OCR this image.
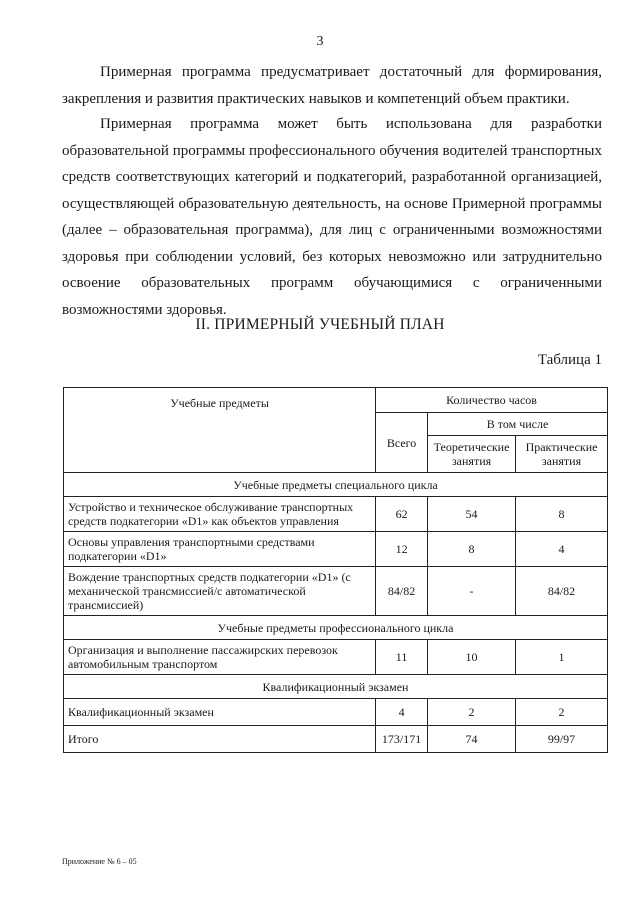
3

Примерная программа предусматривает достаточный для формирования, закрепления и развития практических навыков и компетенций объем практики.

Примерная программа может быть использована для разработки образовательной программы профессионального обучения водителей транспортных средств соответствующих категорий и подкатегорий, разработанной организацией, осуществляющей образовательную деятельность, на основе Примерной программы (далее – образовательная программа), для лиц с ограниченными возможностями здоровья при соблюдении условий, без которых невозможно или затруднительно освоение образовательных программ обучающимися с ограниченными возможностями здоровья.

II. ПРИМЕРНЫЙ УЧЕБНЫЙ ПЛАН
Таблица 1
Учебные предметы	Количество часов		
	Всего	В том числе	
		Теоретические занятия	Практические занятия
Учебные предметы специального цикла			
Устройство и техническое обслуживание транспортных средств подкатегории «D1» как объектов управления	62	54	8
Основы управления транспортными средствами подкатегории «D1»	12	8	4
Вождение транспортных средств подкатегории «D1» (с механической трансмиссией/с автоматической трансмиссией)	84/82	-	84/82
Учебные предметы профессионального цикла			
Организация и выполнение пассажирских перевозок автомобильным транспортом	11	10	1
Квалификационный экзамен			
Квалификационный экзамен	4	2	2
Итого	173/171	74	99/97
Приложение № 6 – 05
